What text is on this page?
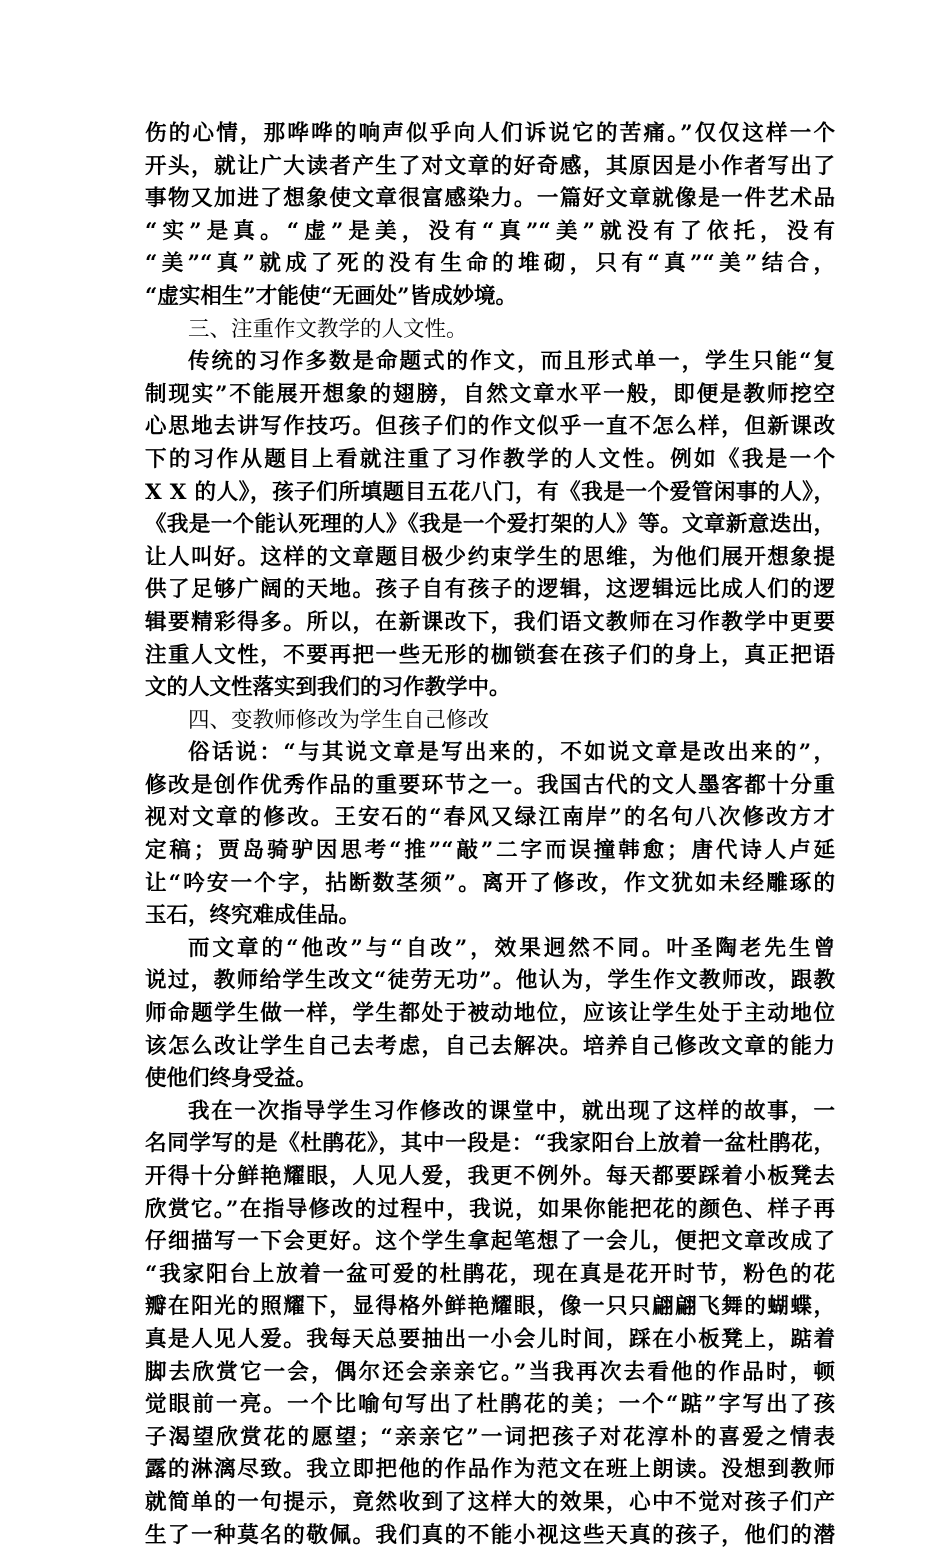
伤的心情，那哗哗的响声似乎向人们诉说它的苦痛。”仅仅这样一个
开头，就让广大读者产生了对文章的好奇感，其原因是小作者写出了
事物又加进了想象使文章很富感染力。一篇好文章就像是一件艺术品
“实”是真。“虚”是美，没有“真”“美”就没有了依托，没有
“美”“真”就成了死的没有生命的堆砌，只有“真”“美”结合，
“虚实相生”才能使“无画处”皆成妙境。
三、注重作文教学的人文性。
传统的习作多数是命题式的作文，而且形式单一，学生只能“复
制现实”不能展开想象的翅膀，自然文章水平一般，即便是教师挖空
心思地去讲写作技巧。但孩子们的作文似乎一直不怎么样，但新课改
下的习作从题目上看就注重了习作教学的人文性。例如《我是一个
X X 的人》，孩子们所填题目五花八门，有《我是一个爱管闲事的人》，
《我是一个能认死理的人》《我是一个爱打架的人》等。文章新意迭出，
让人叫好。这样的文章题目极少约束学生的思维，为他们展开想象提
供了足够广阔的天地。孩子自有孩子的逻辑，这逻辑远比成人们的逻
辑要精彩得多。所以，在新课改下，我们语文教师在习作教学中更要
注重人文性，不要再把一些无形的枷锁套在孩子们的身上，真正把语
文的人文性落实到我们的习作教学中。
四、变教师修改为学生自己修改
俗话说：“与其说文章是写出来的，不如说文章是改出来的”，
修改是创作优秀作品的重要环节之一。我国古代的文人墨客都十分重
视对文章的修改。王安石的“春风又绿江南岸”的名句八次修改方才
定稿；贾岛骑驴因思考“推”“敲”二字而误撞韩愈；唐代诗人卢延
让“吟安一个字，拈断数茎须”。离开了修改，作文犹如未经雕琢的
玉石，终究难成佳品。
而文章的“他改”与“自改”，效果迥然不同。叶圣陶老先生曾
说过，教师给学生改文“徒劳无功”。他认为，学生作文教师改，跟教
师命题学生做一样，学生都处于被动地位，应该让学生处于主动地位
该怎么改让学生自己去考虑，自己去解决。培养自己修改文章的能力
使他们终身受益。
我在一次指导学生习作修改的课堂中，就出现了这样的故事，一
名同学写的是《杜鹃花》，其中一段是：“我家阳台上放着一盆杜鹃花，
开得十分鲜艳耀眼，人见人爱，我更不例外。每天都要踩着小板凳去
欣赏它。”在指导修改的过程中，我说，如果你能把花的颜色、样子再
仔细描写一下会更好。这个学生拿起笔想了一会儿，便把文章改成了
“我家阳台上放着一盆可爱的杜鹃花，现在真是花开时节，粉色的花
瓣在阳光的照耀下，显得格外鲜艳耀眼，像一只只翩翩飞舞的蝴蝶，
真是人见人爱。我每天总要抽出一小会儿时间，踩在小板凳上，踮着
脚去欣赏它一会，偶尔还会亲亲它。”当我再次去看他的作品时，顿
觉眼前一亮。一个比喻句写出了杜鹃花的美；一个“踮”字写出了孩
子渴望欣赏花的愿望；“亲亲它”一词把孩子对花淳朴的喜爱之情表
露的淋漓尽致。我立即把他的作品作为范文在班上朗读。没想到教师
就简单的一句提示，竟然收到了这样大的效果，心中不觉对孩子们产
生了一种莫名的敬佩。我们真的不能小视这些天真的孩子，他们的潜
